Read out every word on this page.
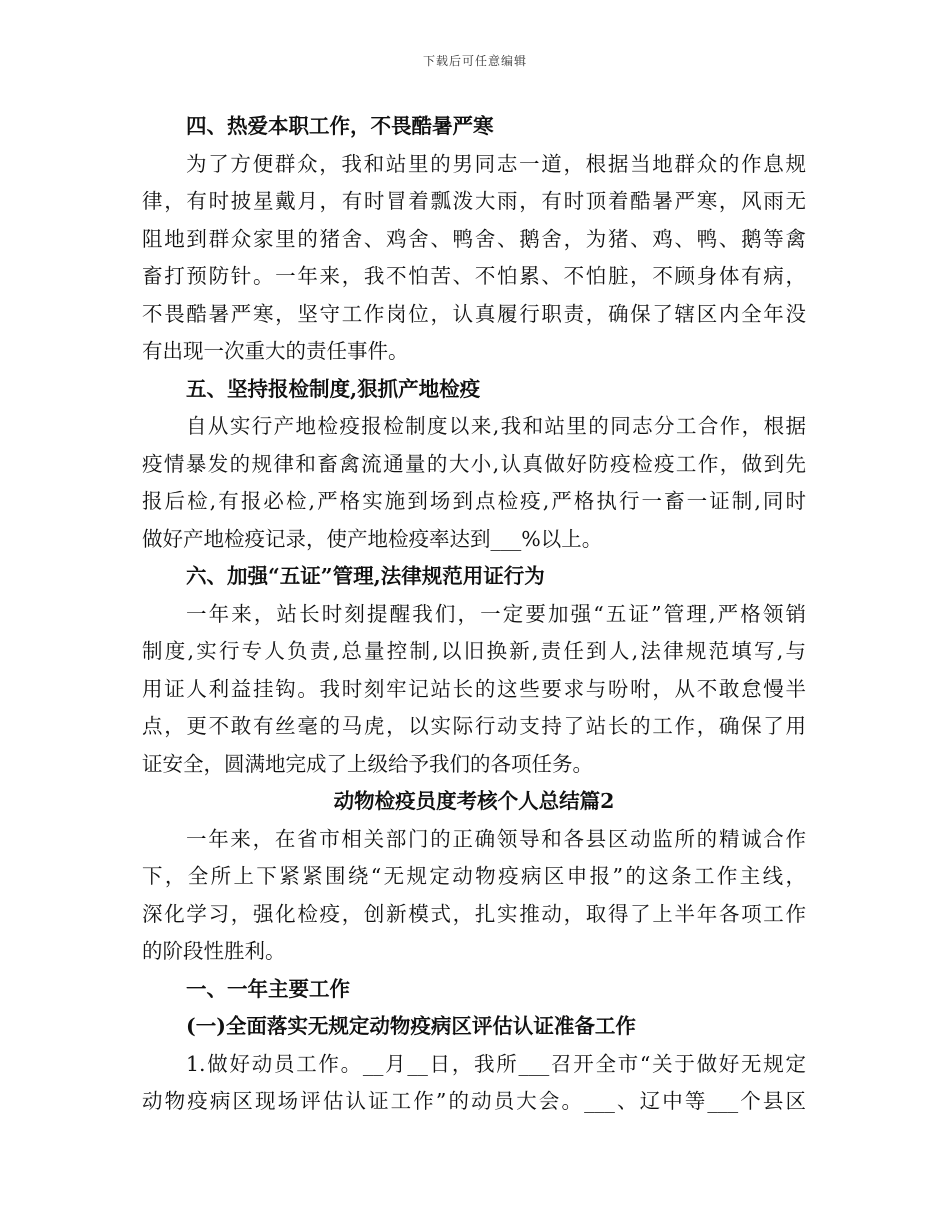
下载后可任意编辑
四、热爱本职工作，不畏酷暑严寒
为了方便群众，我和站里的男同志一道，根据当地群众的作息规
律，有时披星戴月，有时冒着瓢泼大雨，有时顶着酷暑严寒，风雨无
阻地到群众家里的猪舍、鸡舍、鸭舍、鹅舍，为猪、鸡、鸭、鹅等禽
畜打预防针。一年来，我不怕苦、不怕累、不怕脏，不顾身体有病，
不畏酷暑严寒，坚守工作岗位，认真履行职责，确保了辖区内全年没
有出现一次重大的责任事件。
五、坚持报检制度,狠抓产地检疫
自从实行产地检疫报检制度以来,我和站里的同志分工合作，根据
疫情暴发的规律和畜禽流通量的大小,认真做好防疫检疫工作，做到先
报后检,有报必检,严格实施到场到点检疫,严格执行一畜一证制,同时
做好产地检疫记录，使产地检疫率达到___%以上。
六、加强“五证”管理,法律规范用证行为
一年来，站长时刻提醒我们，一定要加强“五证”管理,严格领销
制度,实行专人负责,总量控制,以旧换新,责任到人,法律规范填写,与
用证人利益挂钩。我时刻牢记站长的这些要求与吩咐，从不敢怠慢半
点，更不敢有丝毫的马虎，以实际行动支持了站长的工作，确保了用
证安全，圆满地完成了上级给予我们的各项任务。
动物检疫员度考核个人总结篇2
一年来，在省市相关部门的正确领导和各县区动监所的精诚合作
下，全所上下紧紧围绕“无规定动物疫病区申报”的这条工作主线，
深化学习，强化检疫，创新模式，扎实推动，取得了上半年各项工作
的阶段性胜利。
一、一年主要工作
(一)全面落实无规定动物疫病区评估认证准备工作
1.做好动员工作。__月__日，我所___召开全市“关于做好无规定
动物疫病区现场评估认证工作”的动员大会。___、辽中等___个县区
